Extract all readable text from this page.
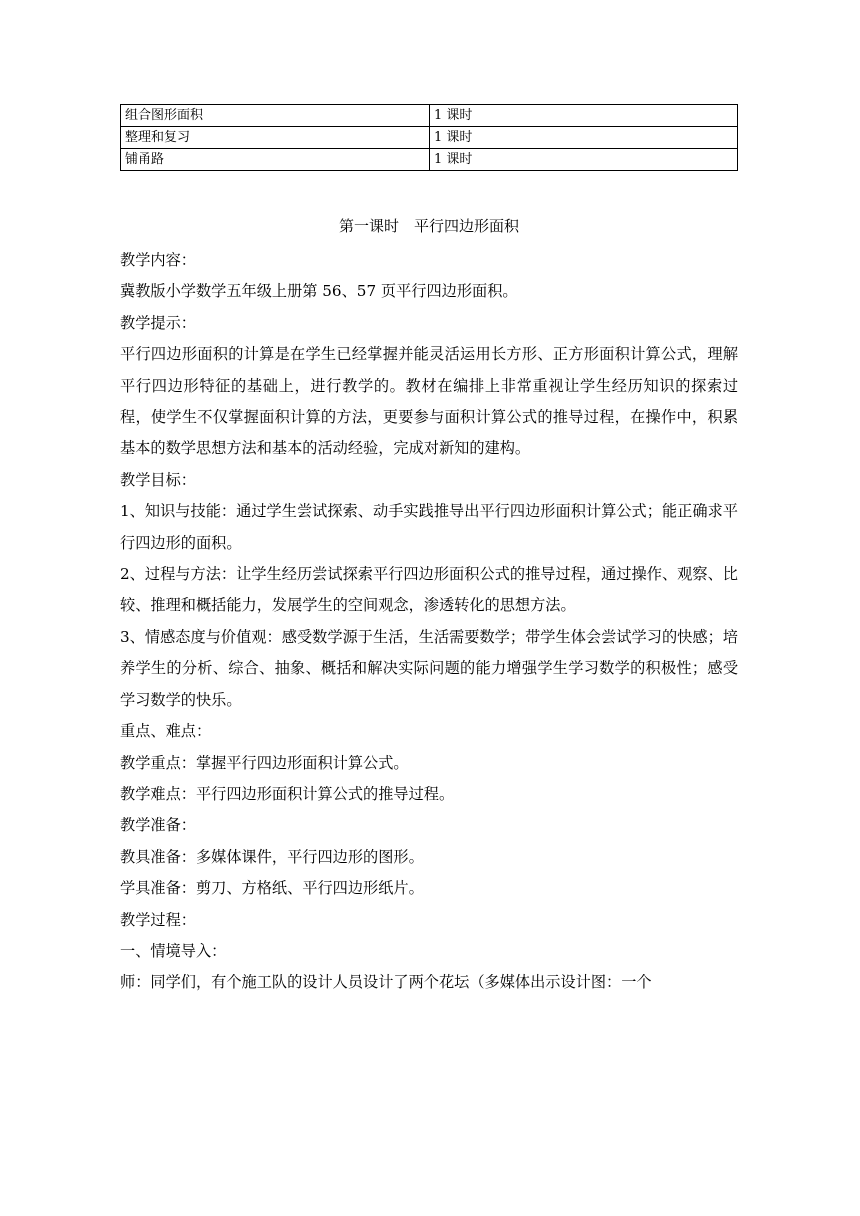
组合图形面积	1 课时
整理和复习	1 课时
铺甬路	1 课时
第一课时　平行四边形面积

教学内容：

冀教版小学数学五年级上册第 56、57 页平行四边形面积。

教学提示：

平行四边形面积的计算是在学生已经掌握并能灵活运用长方形、正方形面积计算公式，理解平行四边形特征的基础上，进行教学的。教材在编排上非常重视让学生经历知识的探索过程，使学生不仅掌握面积计算的方法，更要参与面积计算公式的推导过程，在操作中，积累基本的数学思想方法和基本的活动经验，完成对新知的建构。

教学目标：

1、知识与技能：通过学生尝试探索、动手实践推导出平行四边形面积计算公式；能正确求平行四边形的面积。

2、过程与方法：让学生经历尝试探索平行四边形面积公式的推导过程，通过操作、观察、比较、推理和概括能力，发展学生的空间观念，渗透转化的思想方法。

3、情感态度与价值观：感受数学源于生活，生活需要数学；带学生体会尝试学习的快感；培养学生的分析、综合、抽象、概括和解决实际问题的能力增强学生学习数学的积极性；感受学习数学的快乐。

重点、难点：

教学重点：掌握平行四边形面积计算公式。

教学难点：平行四边形面积计算公式的推导过程。

教学准备：

教具准备：多媒体课件，平行四边形的图形。

学具准备：剪刀、方格纸、平行四边形纸片。

教学过程：

一、情境导入：

师：同学们，有个施工队的设计人员设计了两个花坛（多媒体出示设计图：一个
